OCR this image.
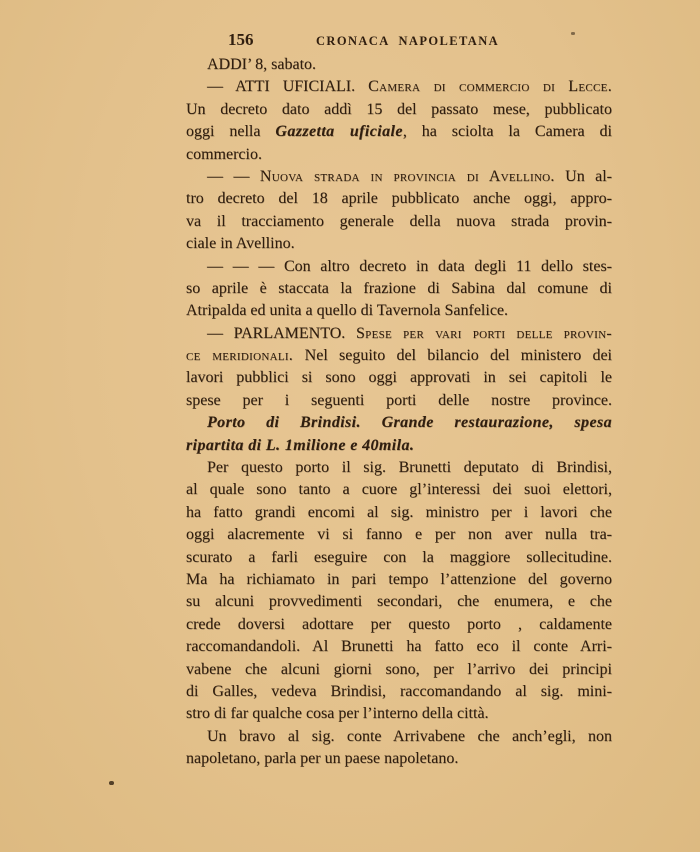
156	CRONACA NAPOLETANA
ADDI’ 8, sabato.
— ATTI UFICIALI. Camera di commercio di Lecce.
Un decreto dato addì 15 del passato mese, pubblicato
oggi nella Gazzetta uficiale, ha sciolta la Camera di
commercio.
— — Nuova strada in provincia di Avellino. Un al-
tro decreto del 18 aprile pubblicato anche oggi, appro-
va il tracciamento generale della nuova strada provin-
ciale in Avellino.
— — — Con altro decreto in data degli 11 dello stes-
so aprile è staccata la frazione di Sabina dal comune di
Atripalda ed unita a quello di Tavernola Sanfelice.
— PARLAMENTO. Spese per vari porti delle provin-
ce meridionali. Nel seguito del bilancio del ministero dei
lavori pubblici si sono oggi approvati in sei capitoli le
spese per i seguenti porti delle nostre province.
Porto di Brindisi. Grande restaurazione, spesa
ripartita di L. 1milione e 40mila.
Per questo porto il sig. Brunetti deputato di Brindisi,
al quale sono tanto a cuore gl’interessi dei suoi elettori,
ha fatto grandi encomi al sig. ministro per i lavori che
oggi alacremente vi si fanno e per non aver nulla tra-
scurato a farli eseguire con la maggiore sollecitudine.
Ma ha richiamato in pari tempo l’attenzione del governo
su alcuni provvedimenti secondari, che enumera, e che
crede doversi adottare per questo porto , caldamente
raccomandandoli. Al Brunetti ha fatto eco il conte Arri-
vabene che alcuni giorni sono, per l’arrivo dei principi
di Galles, vedeva Brindisi, raccomandando al sig. mini-
stro di far qualche cosa per l’interno della città.
Un bravo al sig. conte Arrivabene che anch’egli, non
napoletano, parla per un paese napoletano.
